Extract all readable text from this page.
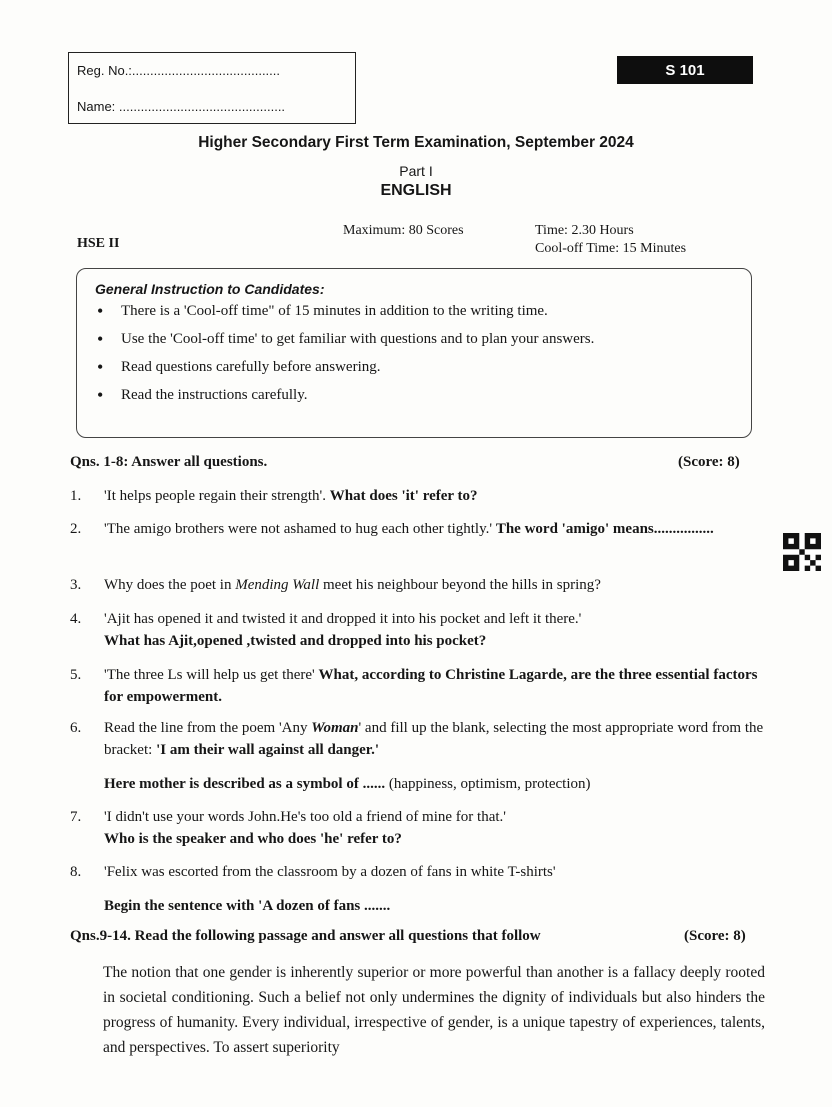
Reg. No.:.........................................
Name: ..............................................
S 101
Higher Secondary First Term Examination, September 2024
Part I
ENGLISH
Maximum: 80 Scores	Time: 2.30 Hours
Cool-off Time: 15 Minutes
HSE II
General Instruction to Candidates:
• There is a 'Cool-off time" of 15 minutes in addition to the writing time.
• Use the 'Cool-off time' to get familiar with questions and to plan your answers.
• Read questions carefully before answering.
• Read the instructions carefully.
Qns. 1-8: Answer all questions.	(Score: 8)
1.	'It helps people regain their strength'. What does 'it' refer to?
2.	'The amigo brothers were not ashamed to hug each other tightly.' The word 'amigo' means................
3.	Why does the poet in Mending Wall meet his neighbour beyond the hills in spring?
4.	'Ajit has opened it and twisted it and dropped it into his pocket and left it there.'
What has Ajit,opened ,twisted and dropped into his pocket?
5.	'The three Ls will help us get there' What, according to Christine Lagarde, are the three essential factors for empowerment.
6.	Read the line from the poem 'Any Woman' and fill up the blank, selecting the most appropriate word from the bracket: 'I am their wall against all danger.'
Here mother is described as a symbol of ...... (happiness, optimism, protection)
7.	'I didn't use your words John.He's too old a friend of mine for that.'
Who is the speaker and who does 'he' refer to?
8.	'Felix was escorted from the classroom by a dozen of fans in white T-shirts'
Begin the sentence with 'A dozen of fans .......
Qns.9-14. Read the following passage and answer all questions that follow	(Score: 8)
The notion that one gender is inherently superior or more powerful than another is a fallacy deeply rooted in societal conditioning. Such a belief not only undermines the dignity of individuals but also hinders the progress of humanity. Every individual, irrespective of gender, is a unique tapestry of experiences, talents, and perspectives. To assert superiority
